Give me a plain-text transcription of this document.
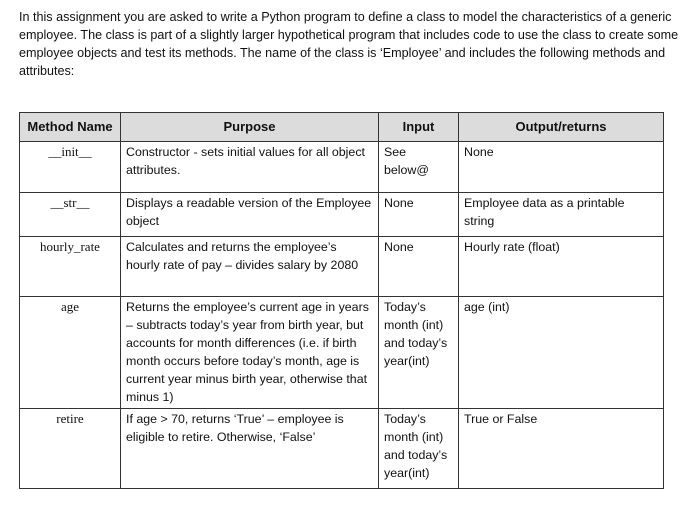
In this assignment you are asked to write a Python program to define a class to model the characteristics of a generic employee. The class is part of a slightly larger hypothetical program that includes code to use the class to create some employee objects and test its methods. The name of the class is ‘Employee’ and includes the following methods and attributes:
Method Name	Purpose	Input	Output/returns
__init__	Constructor - sets initial values for all object attributes.	See below@	None
__str__	Displays a readable version of the Employee object	None	Employee data as a printable string
hourly_rate	Calculates and returns the employee’s hourly rate of pay – divides salary by 2080	None	Hourly rate (float)
age	Returns the employee’s current age in years – subtracts today’s year from birth year, but accounts for month differences (i.e. if birth month occurs before today’s month, age is current year minus birth year, otherwise that minus 1)	Today’s month (int) and today’s year(int)	age (int)
retire	If age > 70, returns ‘True’ – employee is eligible to retire. Otherwise, ‘False’	Today’s month (int) and today’s year(int)	True or False
